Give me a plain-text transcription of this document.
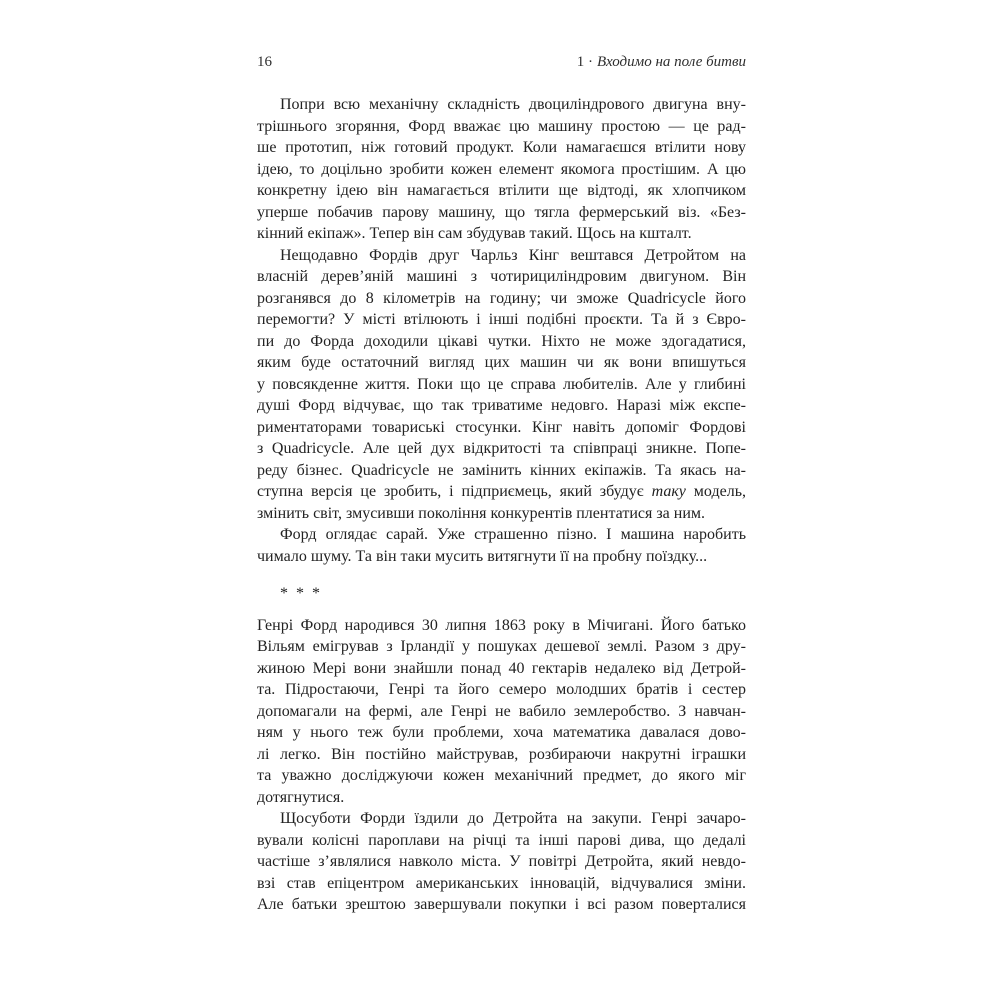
16	1 · Входимо на поле битви
Попри всю механічну складність двоциліндрового двигуна вну-
трішнього згоряння, Форд вважає цю машину простою — це рад-
ше прототип, ніж готовий продукт. Коли намагаєшся втілити нову
ідею, то доцільно зробити кожен елемент якомога простішим. А цю
конкретну ідею він намагається втілити ще відтоді, як хлопчиком
уперше побачив парову машину, що тягла фермерський віз. «Без-
кінний екіпаж». Тепер він сам збудував такий. Щось на кшталт.
Нещодавно Фордів друг Чарльз Кінг вештався Детройтом на
власній дерев’яній машині з чотирициліндровим двигуном. Він
розганявся до 8 кілометрів на годину; чи зможе Quadricycle його
перемогти? У місті втілюють і інші подібні проєкти. Та й з Євро-
пи до Форда доходили цікаві чутки. Ніхто не може здогадатися,
яким буде остаточний вигляд цих машин чи як вони впишуться
у повсякденне життя. Поки що це справа любителів. Але у глибині
душі Форд відчуває, що так триватиме недовго. Наразі між експе-
риментаторами товариські стосунки. Кінг навіть допоміг Фордові
з Quadricycle. Але цей дух відкритості та співпраці зникне. Попе-
реду бізнес. Quadricycle не замінить кінних екіпажів. Та якась на-
ступна версія це зробить, і підприємець, який збудує таку модель,
змінить світ, змусивши покоління конкурентів плентатися за ним.
Форд оглядає сарай. Уже страшенно пізно. І машина наробить
чимало шуму. Та він таки мусить витягнути її на пробну поїздку...
* * *
Генрі Форд народився 30 липня 1863 року в Мічигані. Його батько
Вільям емігрував з Ірландії у пошуках дешевої землі. Разом з дру-
жиною Мері вони знайшли понад 40 гектарів недалеко від Детрой-
та. Підростаючи, Генрі та його семеро молодших братів і сестер
допомагали на фермі, але Генрі не вабило землеробство. З навчан-
ням у нього теж були проблеми, хоча математика давалася дово-
лі легко. Він постійно майстрував, розбираючи накрутні іграшки
та уважно досліджуючи кожен механічний предмет, до якого міг
дотягнутися.
Щосуботи Форди їздили до Детройта на закупи. Генрі зачаро-
вували колісні пароплави на річці та інші парові дива, що дедалі
частіше з’являлися навколо міста. У повітрі Детройта, який невдо-
взі став епіцентром американських інновацій, відчувалися зміни.
Але батьки зрештою завершували покупки і всі разом поверталися
